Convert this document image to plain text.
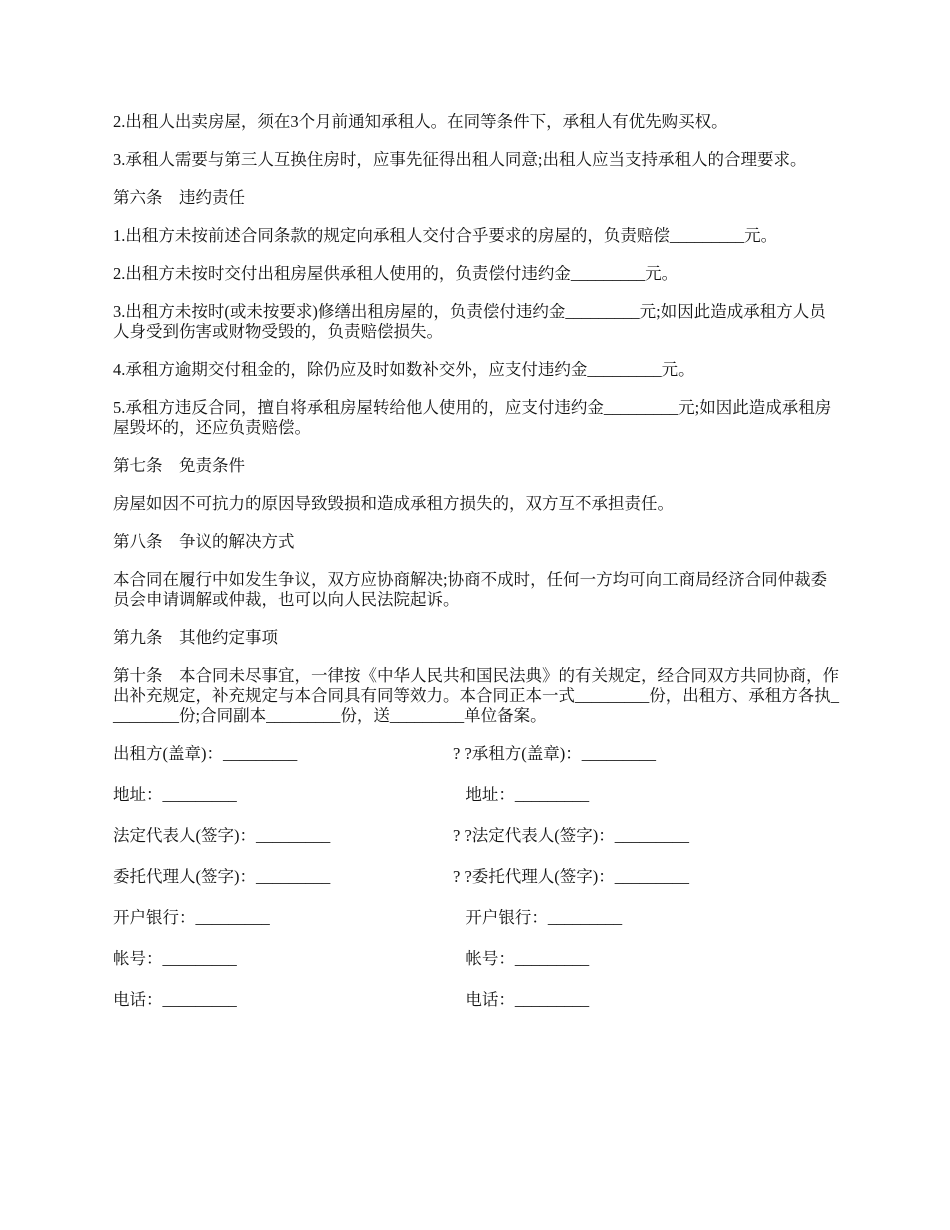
2.出租人出卖房屋，须在3个月前通知承租人。在同等条件下，承租人有优先购买权。

3.承租人需要与第三人互换住房时，应事先征得出租人同意;出租人应当支持承租人的合理要求。

第六条　违约责任

1.出租方未按前述合同条款的规定向承租人交付合乎要求的房屋的，负责赔偿_________元。

2.出租方未按时交付出租房屋供承租人使用的，负责偿付违约金_________元。

3.出租方未按时(或未按要求)修缮出租房屋的，负责偿付违约金_________元;如因此造成承租方人员人身受到伤害或财物受毁的，负责赔偿损失。

4.承租方逾期交付租金的，除仍应及时如数补交外，应支付违约金_________元。

5.承租方违反合同，擅自将承租房屋转给他人使用的，应支付违约金_________元;如因此造成承租房屋毁坏的，还应负责赔偿。

第七条　免责条件

房屋如因不可抗力的原因导致毁损和造成承租方损失的，双方互不承担责任。

第八条　争议的解决方式

本合同在履行中如发生争议，双方应协商解决;协商不成时，任何一方均可向工商局经济合同仲裁委员会申请调解或仲裁，也可以向人民法院起诉。

第九条　其他约定事项

第十条　本合同未尽事宜，一律按《中华人民共和国民法典》的有关规定，经合同双方共同协商，作出补充规定，补充规定与本合同具有同等效力。本合同正本一式_________份，出租方、承租方各执_________份;合同副本_________份，送_________单位备案。

出租方(盖章)：_________	? ?承租方(盖章)：_________
地址：_________	地址：_________
法定代表人(签字)：_________	? ?法定代表人(签字)：_________
委托代理人(签字)：_________	? ?委托代理人(签字)：_________
开户银行：_________	开户银行：_________
帐号：_________	帐号：_________
电话：_________	电话：_________
